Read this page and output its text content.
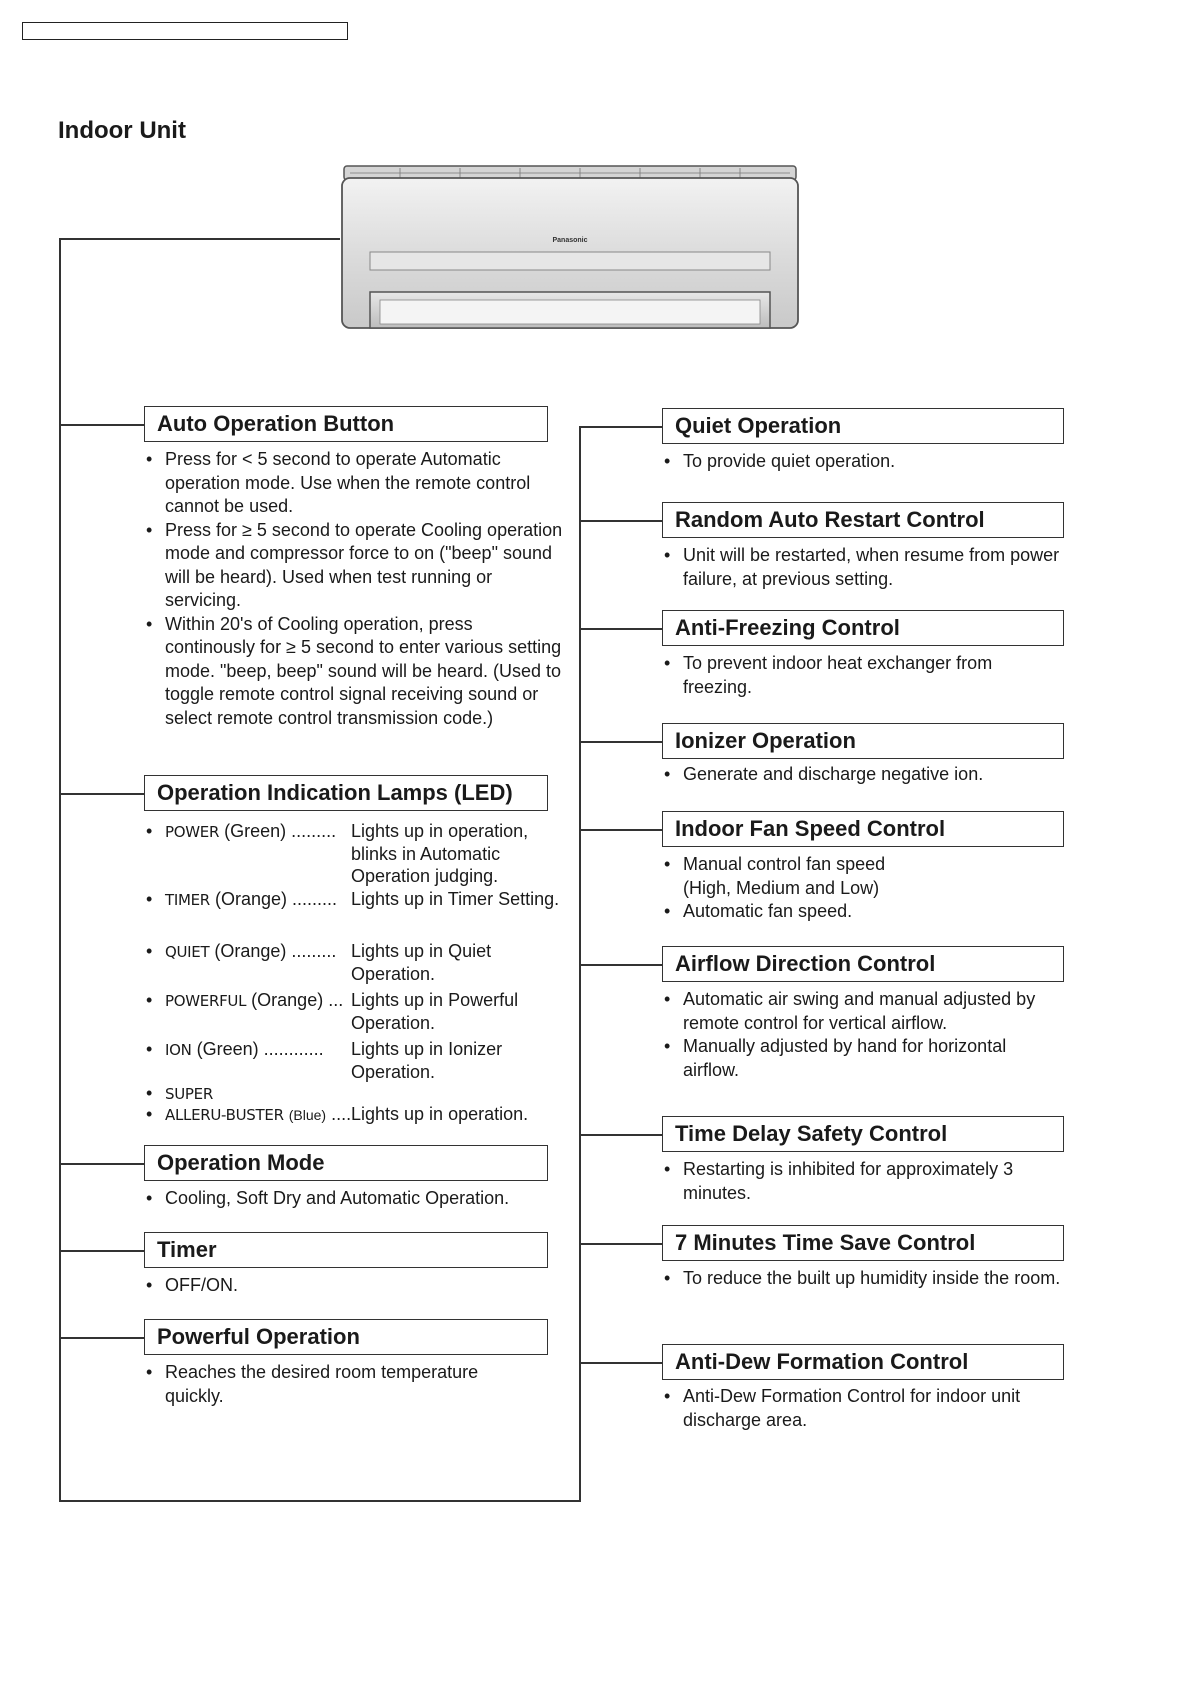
Indoor Unit
Panasonic
Auto Operation Button
• Press for < 5 second to operate Automatic operation mode. Use when the remote control cannot be used.
• Press for ≥ 5 second to operate Cooling operation mode and compressor force to on ("beep" sound will be heard). Used when test running or servicing.
• Within 20's of Cooling operation, press continously for ≥ 5 second to enter various setting mode. "beep, beep" sound will be heard. (Used to toggle remote control signal receiving sound or select remote control transmission code.)
Operation Indication Lamps (LED)
• POWER (Green) ......... Lights up in operation, blinks in Automatic Operation judging.
• TIMER (Orange) ......... Lights up in Timer Setting.
• QUIET (Orange) ......... Lights up in Quiet Operation.
• POWERFUL (Orange) ... Lights up in Powerful Operation.
• ION (Green) ............ Lights up in Ionizer Operation.
• SUPER
• ALLERU-BUSTER (Blue) .... Lights up in operation.
Operation Mode
• Cooling, Soft Dry and Automatic Operation.
Timer
• OFF/ON.
Powerful Operation
• Reaches the desired room temperature quickly.
Quiet Operation
• To provide quiet operation.
Random Auto Restart Control
• Unit will be restarted, when resume from power failure, at previous setting.
Anti-Freezing Control
• To prevent indoor heat exchanger from freezing.
Ionizer Operation
• Generate and discharge negative ion.
Indoor Fan Speed Control
• Manual control fan speed (High, Medium and Low)
• Automatic fan speed.
Airflow Direction Control
• Automatic air swing and manual adjusted by remote control for vertical airflow.
• Manually adjusted by hand for horizontal airflow.
Time Delay Safety Control
• Restarting is inhibited for approximately 3 minutes.
7 Minutes Time Save Control
• To reduce the built up humidity inside the room.
Anti-Dew Formation Control
• Anti-Dew Formation Control for indoor unit discharge area.
